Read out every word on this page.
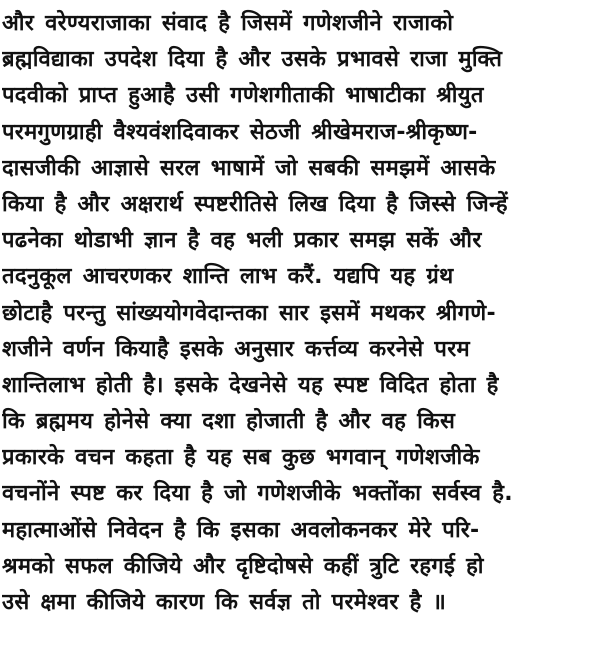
और वरेण्यराजाका संवाद है जिसमें गणेशजीने राजाको
ब्रह्मविद्याका उपदेश दिया है और उसके प्रभावसे राजा मुक्ति
पदवीको प्राप्त हुआहै उसी गणेशगीताकी भाषाटीका श्रीयुत
परमगुणग्राही वैश्यवंशदिवाकर सेठजी श्रीखेमराज-श्रीकृष्ण-
दासजीकी आज्ञासे सरल भाषामें जो सबकी समझमें आसके
किया है और अक्षरार्थ स्पष्टरीतिसे लिख दिया है जिस्से जिन्हें
पढनेका थोडाभी ज्ञान है वह भली प्रकार समझ सकें और
तदनुकूल आचरणकर शान्ति लाभ करैं. यद्यपि यह ग्रंथ
छोटाहै परन्तु सांख्ययोगवेदान्तका सार इसमें मथकर श्रीगणे-
शजीने वर्णन कियाहै इसके अनुसार कर्त्तव्य करनेसे परम
शान्तिलाभ होती है। इसके देखनेसे यह स्पष्ट विदित होता है
कि ब्रह्ममय होनेसे क्या दशा होजाती है और वह किस
प्रकारके वचन कहता है यह सब कुछ भगवान् गणेशजीके
वचनोंने स्पष्ट कर दिया है जो गणेशजीके भक्तोंका सर्वस्व है.
महात्माओंसे निवेदन है कि इसका अवलोकनकर मेरे परि-
श्रमको सफल कीजिये और दृष्टिदोषसे कहीं त्रुटि रहगई हो
उसे क्षमा कीजिये कारण कि सर्वज्ञ तो परमेश्वर है ॥
